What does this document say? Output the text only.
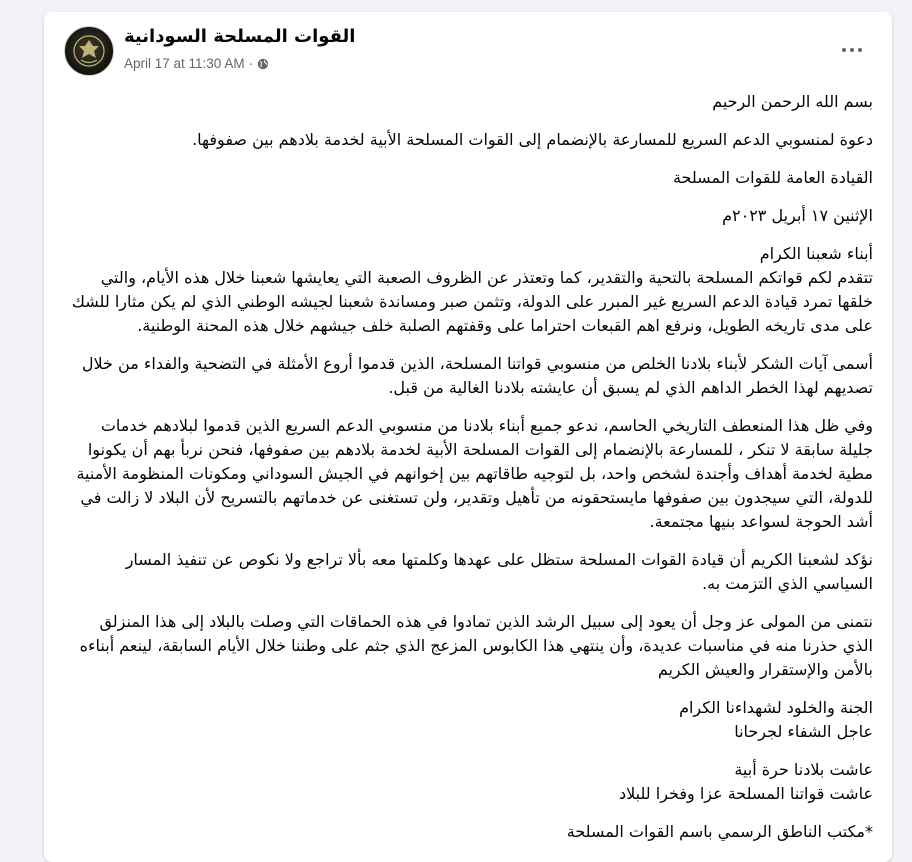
القوات المسلحة السودانية
April 17 at 11:30 AM ·

بسم الله الرحمن الرحيم

دعوة لمنسوبي الدعم السريع للمسارعة بالإنضمام إلى القوات المسلحة الأبية لخدمة بلادهم بين صفوفها.

القيادة العامة للقوات المسلحة

الإثنين ١٧ أبريل ٢٠٢٣م

أبناء شعبنا الكرام

تتقدم لكم قواتكم المسلحة بالتحية والتقدير، كما وتعتذر عن الظروف الصعبة التي يعايشها شعبنا خلال هذه الأيام، والتي خلقها تمرد قيادة الدعم السريع غير المبرر على الدولة، وتثمن صبر ومساندة شعبنا لجيشه الوطني الذي لم يكن مثارا للشك على مدى تاريخه الطويل، ونرفع اهم القبعات احتراما على وقفتهم الصلبة خلف جيشهم خلال هذه المحنة الوطنية.

أسمى آيات الشكر لأبناء بلادنا الخلص من منسوبي قواتنا المسلحة، الذين قدموا أروع الأمثلة في التضحية والفداء من خلال تصديهم لهذا الخطر الداهم الذي لم يسبق أن عايشته بلادنا الغالية من قبل.

وفي ظل هذا المنعطف التاريخي الحاسم، ندعو جميع أبناء بلادنا من منسوبي الدعم السريع الذين قدموا لبلادهم خدمات جليلة سابقة لا تنكر ، للمسارعة بالإنضمام إلى القوات المسلحة الأبية لخدمة بلادهم بين صفوفها، فنحن نربأ بهم أن يكونوا مطية لخدمة أهداف وأجندة لشخص واحد، بل لتوجيه طاقاتهم بين إخوانهم في الجيش السوداني ومكونات المنظومة الأمنية للدولة، التي سيجدون بين صفوفها مايستحقونه من تأهيل وتقدير، ولن تستغنى عن خدماتهم بالتسريح لأن البلاد لا زالت في أشد الحوجة لسواعد بنيها مجتمعة.

نؤكد لشعبنا الكريم أن قيادة القوات المسلحة ستظل على عهدها وكلمتها معه بألا تراجع ولا نكوص عن تنفيذ المسار السياسي الذي التزمت به.

نتمنى من المولى عز وجل أن يعود إلى سبيل الرشد الذين تمادوا في هذه الحماقات التي وصلت بالبلاد إلى هذا المنزلق الذي حذرنا منه في مناسبات عديدة، وأن ينتهي هذا الكابوس المزعج الذي جثم على وطننا خلال الأيام السابقة، لينعم أبناءه بالأمن والإستقرار والعيش الكريم

الجنة والخلود لشهداءنا الكرام

عاجل الشفاء لجرحانا

عاشت بلادنا حرة أبية

عاشت قواتنا المسلحة عزا وفخرا للبلاد

*مكتب الناطق الرسمي باسم القوات المسلحة
